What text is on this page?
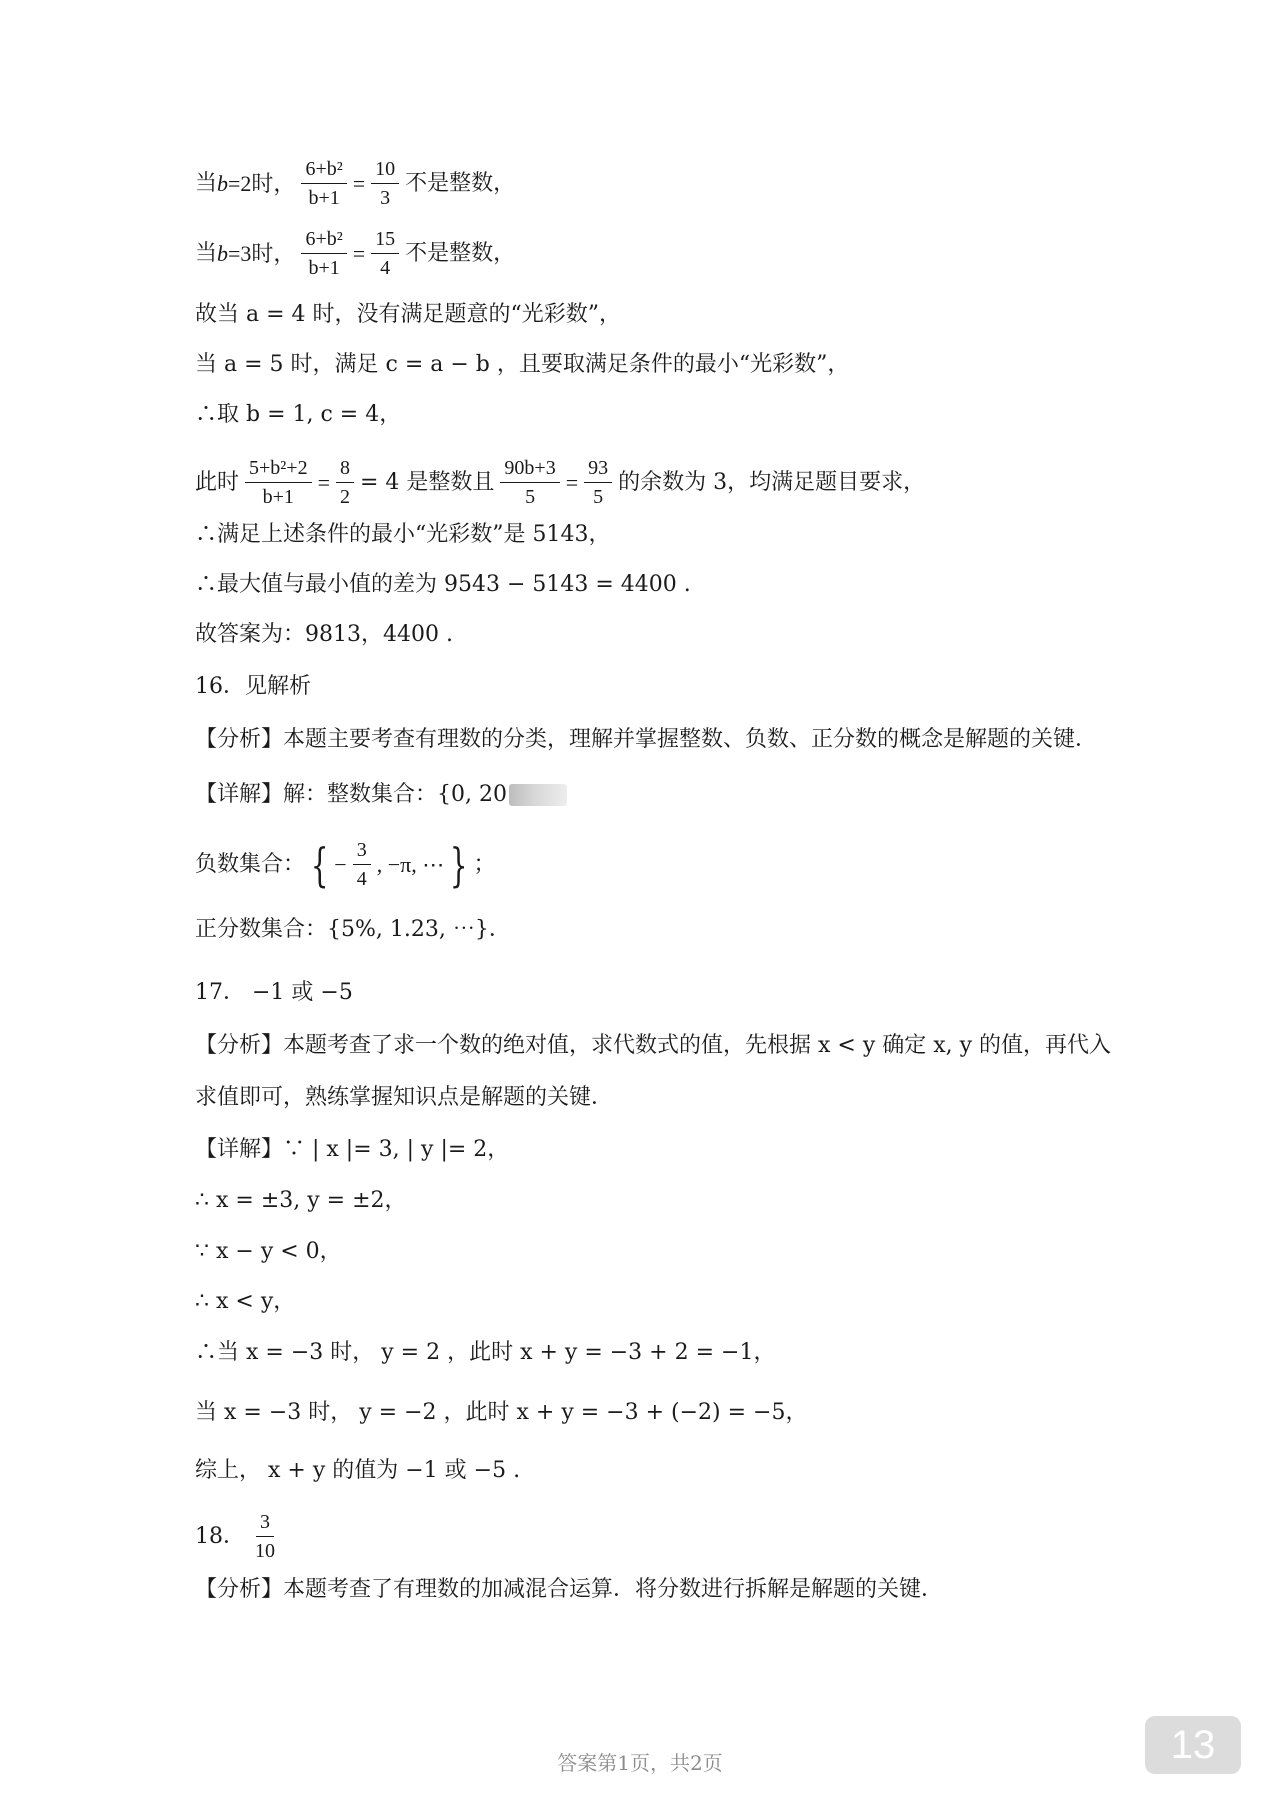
当 b =2时， $\frac{\text{6+b²}}{b+1} = \frac{10}{3}$ 不是整数，
当 b =3时， $\frac{\text{6+b²}}{b+1} = \frac{15}{4}$ 不是整数，
故当 a = 4 时，没有满足题意的“光彩数”，
当 a = 5 时，满足 c = a − b ，且要取满足条件的最小“光彩数”，
∴取 b = 1, c = 4，
此时 $\frac{\text{5+b²+2}}{b+1} = \frac{8}{2} = 4$ 是整数且 $\frac{90b+3}{5} = \frac{93}{5}$ 的余数为 3，均满足题目要求，
∴满足上述条件的最小“光彩数”是 5143，
∴最大值与最小值的差为 9543 − 5143 = 4400 .
故答案为：9813，4400 .
16．见解析
【分析】本题主要考查有理数的分类，理解并掌握整数、负数、正分数的概念是解题的关键．
【详解】解：整数集合：{0, 20
负数集合： { − $\frac{3}{4}$ , −π, ⋯ } ；
正分数集合：{5%, 1.23, ⋯}．
17． −1 或 −5
【分析】本题考查了求一个数的绝对值，求代数式的值，先根据 x < y 确定 x, y 的值，再代入
求值即可，熟练掌握知识点是解题的关键．
【详解】∵ | x |= 3, | y |= 2，
∴ x = ±3, y = ±2，
∵ x − y < 0，
∴ x < y，
∴当 x = −3 时， y = 2 ，此时 x + y = −3 + 2 = −1，
当 x = −3 时， y = −2 ，此时 x + y = −3 + (−2) = −5，
综上， x + y 的值为 −1 或 −5 .
18． $\frac{3}{10}$
【分析】本题考查了有理数的加减混合运算．将分数进行拆解是解题的关键．
答案第1页，共2页	13
